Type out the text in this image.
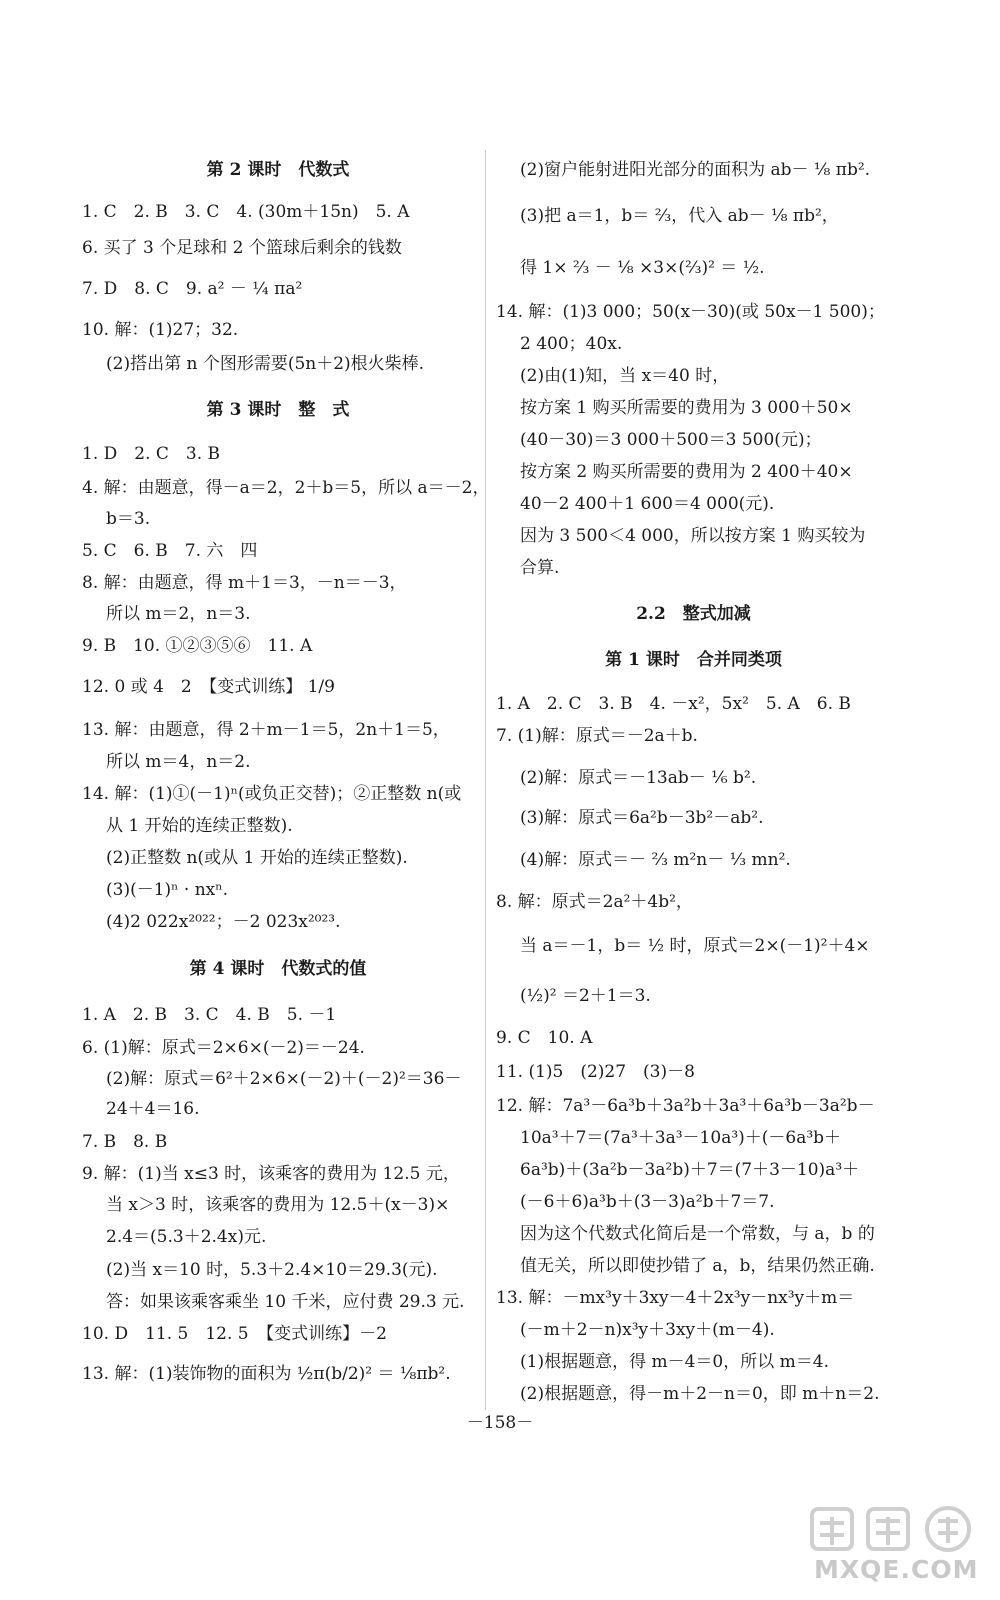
第 2 课时　代数式
1. C　2. B　3. C　4. (30m＋15n)　5. A
6. 买了 3 个足球和 2 个篮球后剩余的钱数
7. D　8. C　9. a² － ¼ πa²
10. 解：(1)27；32.
(2)搭出第 n 个图形需要(5n＋2)根火柴棒.
第 3 课时　整　式
1. D　2. C　3. B
4. 解：由题意，得－a＝2，2＋b＝5，所以 a＝－2，
b＝3.
5. C　6. B　7. 六　四
8. 解：由题意，得 m＋1＝3，－n＝－3，
所以 m＝2，n＝3.
9. B　10. ①②③⑤⑥　11. A
12. 0 或 4　2　【变式训练】 1/9
13. 解：由题意，得 2＋m－1＝5，2n＋1＝5，
所以 m＝4，n＝2.
14. 解：(1)①(－1)ⁿ(或负正交替)；②正整数 n(或
从 1 开始的连续正整数).
(2)正整数 n(或从 1 开始的连续正整数).
(3)(－1)ⁿ · nxⁿ.
(4)2 022x²⁰²²；－2 023x²⁰²³.
第 4 课时　代数式的值
1. A　2. B　3. C　4. B　5. －1
6. (1)解：原式＝2×6×(－2)＝－24.
(2)解：原式＝6²＋2×6×(－2)＋(－2)²＝36－
24＋4＝16.
7. B　8. B
9. 解：(1)当 x≤3 时，该乘客的费用为 12.5 元，
当 x＞3 时，该乘客的费用为 12.5＋(x－3)×
2.4＝(5.3＋2.4x)元.
(2)当 x＝10 时，5.3＋2.4×10＝29.3(元).
答：如果该乘客乘坐 10 千米，应付费 29.3 元.
10. D　11. 5　12. 5　【变式训练】－2
13. 解：(1)装饰物的面积为 ½π(b/2)² ＝ ⅛πb².
(2)窗户能射进阳光部分的面积为 ab－ ⅛ πb².
(3)把 a＝1，b＝ ⅔，代入 ab－ ⅛ πb²，
得 1× ⅔ － ⅛ ×3×(⅔)² ＝ ½.
14. 解：(1)3 000；50(x－30)(或 50x－1 500)；
2 400；40x.
(2)由(1)知，当 x＝40 时，
按方案 1 购买所需要的费用为 3 000＋50×
(40－30)＝3 000＋500＝3 500(元)；
按方案 2 购买所需要的费用为 2 400＋40×
40－2 400＋1 600＝4 000(元).
因为 3 500＜4 000，所以按方案 1 购买较为
合算.
2.2　整式加减
第 1 课时　合并同类项
1. A　2. C　3. B　4. －x²，5x²　5. A　6. B
7. (1)解：原式＝－2a＋b.
(2)解：原式＝－13ab－ ⅙ b².
(3)解：原式＝6a²b－3b²－ab².
(4)解：原式＝－ ⅔ m²n－ ⅓ mn².
8. 解：原式＝2a²＋4b²，
当 a＝－1，b＝ ½ 时，原式＝2×(－1)²＋4×
(½)² ＝2＋1＝3.
9. C　10. A
11. (1)5　(2)27　(3)－8
12. 解：7a³－6a³b＋3a²b＋3a³＋6a³b－3a²b－
10a³＋7＝(7a³＋3a³－10a³)＋(－6a³b＋
6a³b)＋(3a²b－3a²b)＋7＝(7＋3－10)a³＋
(－6＋6)a³b＋(3－3)a²b＋7＝7.
因为这个代数式化简后是一个常数，与 a，b 的
值无关，所以即使抄错了 a，b，结果仍然正确.
13. 解：－mx³y＋3xy－4＋2x³y－nx³y＋m＝
(－m＋2－n)x³y＋3xy＋(m－4).
(1)根据题意，得 m－4＝0，所以 m＝4.
(2)根据题意，得－m＋2－n＝0，即 m＋n＝2.
－158－
MXQE.COM
